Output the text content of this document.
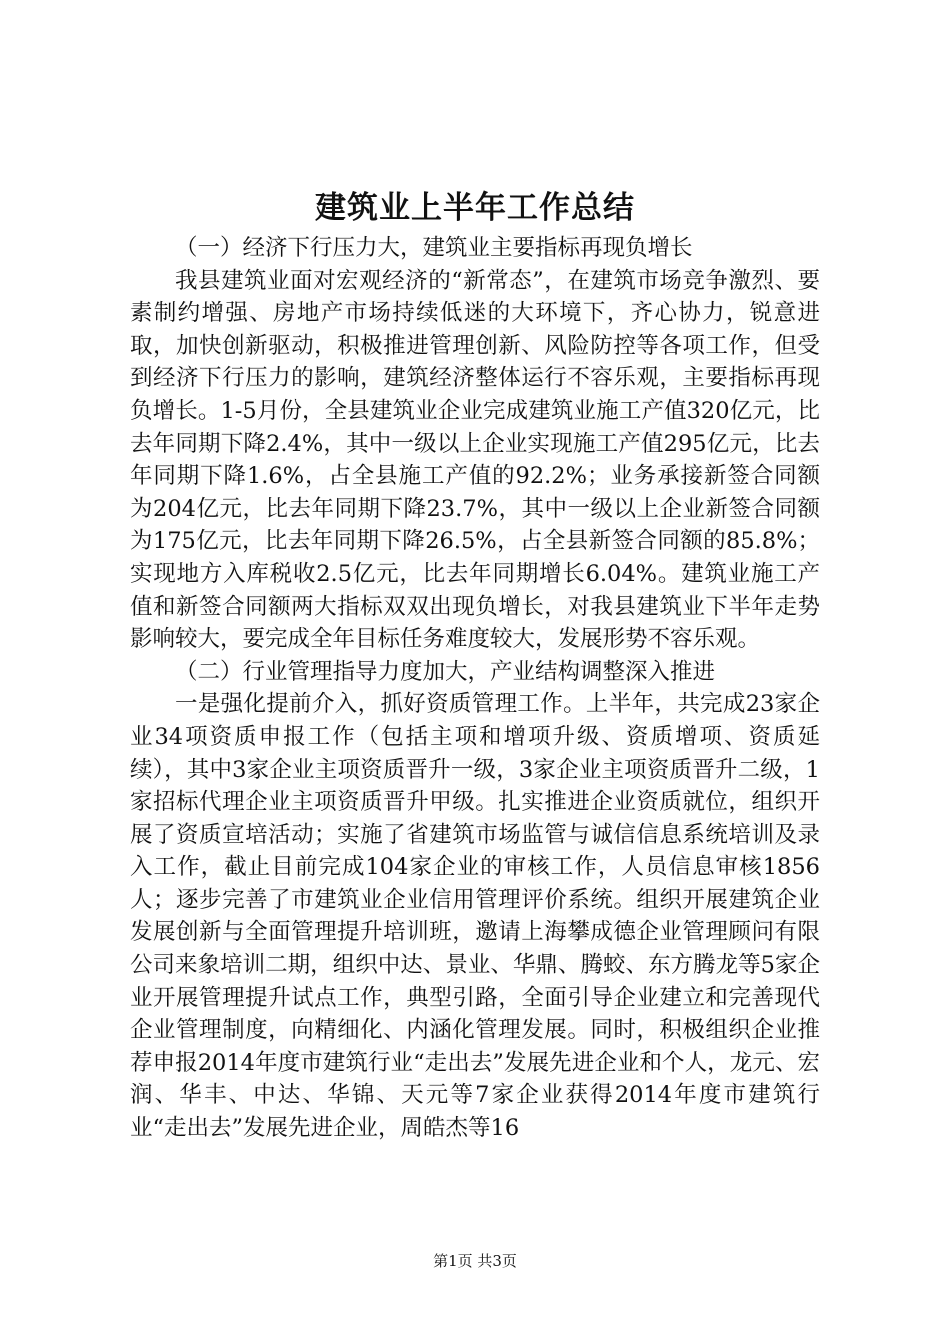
建筑业上半年工作总结

（一）经济下行压力大，建筑业主要指标再现负增长

我县建筑业面对宏观经济的“新常态”，在建筑市场竞争激烈、要素制约增强、房地产市场持续低迷的大环境下，齐心协力，锐意进取，加快创新驱动，积极推进管理创新、风险防控等各项工作，但受到经济下行压力的影响，建筑经济整体运行不容乐观，主要指标再现负增长。1-5月份，全县建筑业企业完成建筑业施工产值320亿元，比去年同期下降2.4%，其中一级以上企业实现施工产值295亿元，比去年同期下降1.6%，占全县施工产值的92.2%；业务承接新签合同额为204亿元，比去年同期下降23.7%，其中一级以上企业新签合同额为175亿元，比去年同期下降26.5%，占全县新签合同额的85.8%；实现地方入库税收2.5亿元，比去年同期增长6.04%。建筑业施工产值和新签合同额两大指标双双出现负增长，对我县建筑业下半年走势影响较大，要完成全年目标任务难度较大，发展形势不容乐观。

（二）行业管理指导力度加大，产业结构调整深入推进

一是强化提前介入，抓好资质管理工作。上半年，共完成23家企业34项资质申报工作（包括主项和增项升级、资质增项、资质延续），其中3家企业主项资质晋升一级，3家企业主项资质晋升二级，1家招标代理企业主项资质晋升甲级。扎实推进企业资质就位，组织开展了资质宣培活动；实施了省建筑市场监管与诚信信息系统培训及录入工作，截止目前完成104家企业的审核工作，人员信息审核1856人；逐步完善了市建筑业企业信用管理评价系统。组织开展建筑企业发展创新与全面管理提升培训班，邀请上海攀成德企业管理顾问有限公司来象培训二期，组织中达、景业、华鼎、腾蛟、东方腾龙等5家企业开展管理提升试点工作，典型引路，全面引导企业建立和完善现代企业管理制度，向精细化、内涵化管理发展。同时，积极组织企业推荐申报2014年度市建筑行业“走出去”发展先进企业和个人，龙元、宏润、华丰、中达、华锦、天元等7家企业获得2014年度市建筑行业“走出去”发展先进企业，周皓杰等16

第1页 共3页
